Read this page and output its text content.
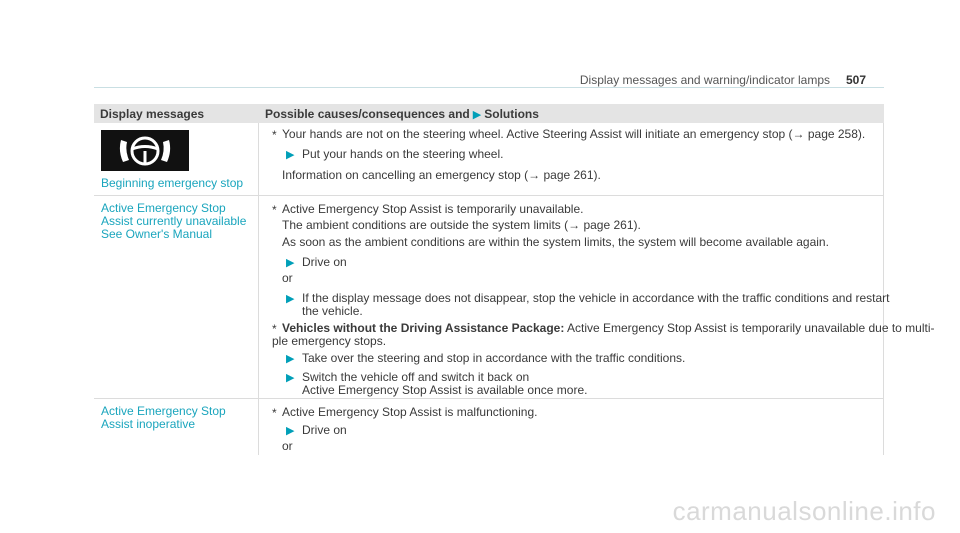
Display messages and warning/indicator lamps 507
Display messages	Possible causes/consequences and ▶ Solutions
Beginning emergency stop
* Your hands are not on the steering wheel. Active Steering Assist will initiate an emergency stop (→ page 258).
▶ Put your hands on the steering wheel.
Information on cancelling an emergency stop (→ page 261).
Active Emergency Stop
Assist currently unavailable
See Owner's Manual
* Active Emergency Stop Assist is temporarily unavailable.
The ambient conditions are outside the system limits (→ page 261).
As soon as the ambient conditions are within the system limits, the system will become available again.
▶ Drive on
or
▶ If the display message does not disappear, stop the vehicle in accordance with the traffic conditions and restart
the vehicle.
* Vehicles without the Driving Assistance Package: Active Emergency Stop Assist is temporarily unavailable due to multi-
ple emergency stops.
▶ Take over the steering and stop in accordance with the traffic conditions.
▶ Switch the vehicle off and switch it back on
Active Emergency Stop Assist is available once more.
Active Emergency Stop
Assist inoperative
* Active Emergency Stop Assist is malfunctioning.
▶ Drive on
or
carmanualsonline.info
